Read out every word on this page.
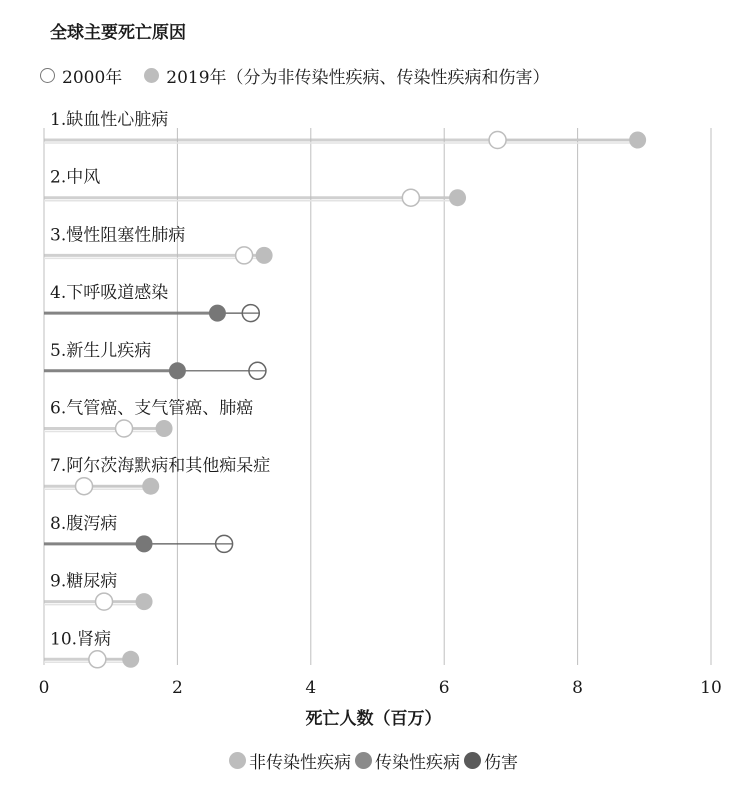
全球主要死亡原因
2000年	2019年（分为非传染性疾病、传染性疾病和伤害）
1.缺血性心脏病
2.中风
3.慢性阻塞性肺病
4.下呼吸道感染
5.新生儿疾病
6.气管癌、支气管癌、肺癌
7.阿尔茨海默病和其他痴呆症
8.腹泻病
9.糖尿病
10.肾病
0	2	4	6	8	10
死亡人数（百万）
非传染性疾病 传染性疾病 伤害
